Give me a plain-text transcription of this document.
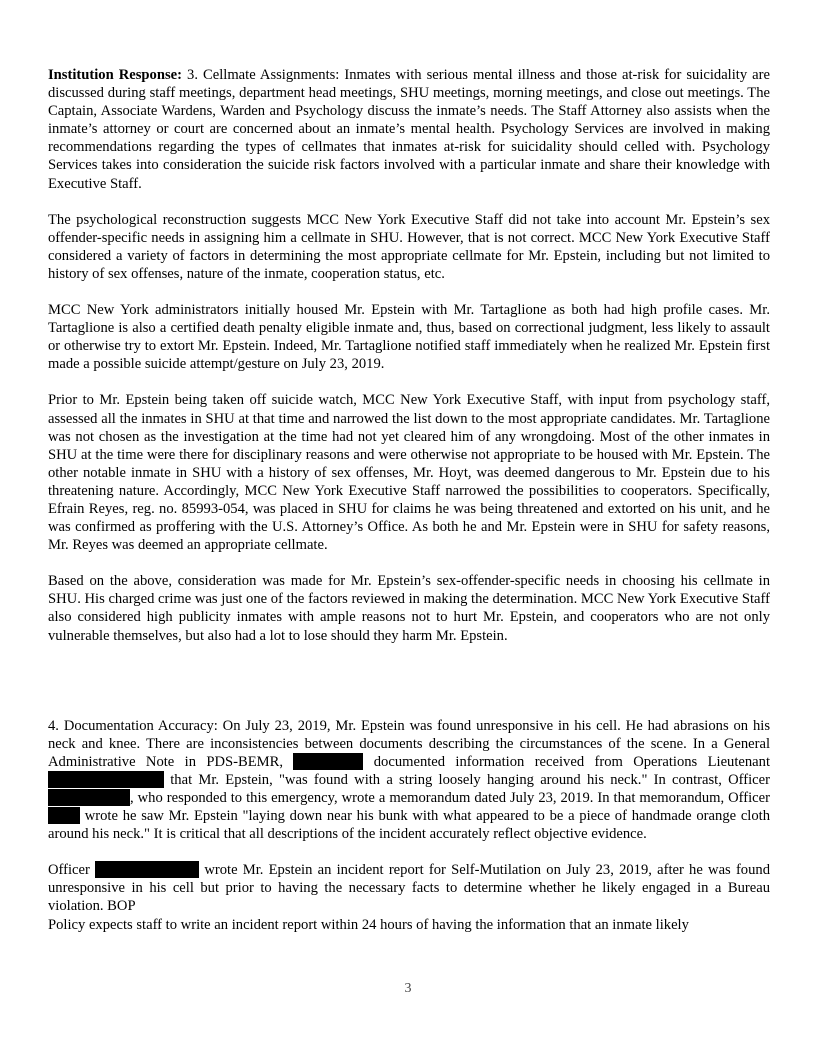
Institution Response: 3. Cellmate Assignments: Inmates with serious mental illness and those at-risk for suicidality are discussed during staff meetings, department head meetings, SHU meetings, morning meetings, and close out meetings. The Captain, Associate Wardens, Warden and Psychology discuss the inmate’s needs. The Staff Attorney also assists when the inmate’s attorney or court are concerned about an inmate’s mental health. Psychology Services are involved in making recommendations regarding the types of cellmates that inmates at-risk for suicidality should celled with. Psychology Services takes into consideration the suicide risk factors involved with a particular inmate and share their knowledge with Executive Staff.

The psychological reconstruction suggests MCC New York Executive Staff did not take into account Mr. Epstein’s sex offender-specific needs in assigning him a cellmate in SHU. However, that is not correct. MCC New York Executive Staff considered a variety of factors in determining the most appropriate cellmate for Mr. Epstein, including but not limited to history of sex offenses, nature of the inmate, cooperation status, etc.

MCC New York administrators initially housed Mr. Epstein with Mr. Tartaglione as both had high profile cases. Mr. Tartaglione is also a certified death penalty eligible inmate and, thus, based on correctional judgment, less likely to assault or otherwise try to extort Mr. Epstein. Indeed, Mr. Tartaglione notified staff immediately when he realized Mr. Epstein first made a possible suicide attempt/gesture on July 23, 2019.

Prior to Mr. Epstein being taken off suicide watch, MCC New York Executive Staff, with input from psychology staff, assessed all the inmates in SHU at that time and narrowed the list down to the most appropriate candidates. Mr. Tartaglione was not chosen as the investigation at the time had not yet cleared him of any wrongdoing. Most of the other inmates in SHU at the time were there for disciplinary reasons and were otherwise not appropriate to be housed with Mr. Epstein. The other notable inmate in SHU with a history of sex offenses, Mr. Hoyt, was deemed dangerous to Mr. Epstein due to his threatening nature. Accordingly, MCC New York Executive Staff narrowed the possibilities to cooperators. Specifically, Efrain Reyes, reg. no. 85993-054, was placed in SHU for claims he was being threatened and extorted on his unit, and he was confirmed as proffering with the U.S. Attorney’s Office. As both he and Mr. Epstein were in SHU for safety reasons, Mr. Reyes was deemed an appropriate cellmate.

Based on the above, consideration was made for Mr. Epstein’s sex-offender-specific needs in choosing his cellmate in SHU. His charged crime was just one of the factors reviewed in making the determination. MCC New York Executive Staff also considered high publicity inmates with ample reasons not to hurt Mr. Epstein, and cooperators who are not only vulnerable themselves, but also had a lot to lose should they harm Mr. Epstein.

4. Documentation Accuracy: On July 23, 2019, Mr. Epstein was found unresponsive in his cell. He had abrasions on his neck and knee. There are inconsistencies between documents describing the circumstances of the scene. In a General Administrative Note in PDS-BEMR,	documented information received from Operations Lieutenant  that Mr. Epstein, "was found with a string loosely hanging around his neck." In contrast, Officer , who responded to this emergency, wrote a memorandum dated July 23, 2019. In that memorandum, Officer  wrote he saw Mr. Epstein "laying down near his bunk with what appeared to be a piece of handmade orange cloth around his neck." It is critical that all descriptions of the incident accurately reflect objective evidence.

Officer	wrote Mr. Epstein an incident report for Self-Mutilation on July 23, 2019, after he was found unresponsive in his cell but prior to having the necessary facts to determine whether he likely engaged in a Bureau violation. BOP

Policy expects staff to write an incident report within 24 hours of having the information that an inmate likely

3
